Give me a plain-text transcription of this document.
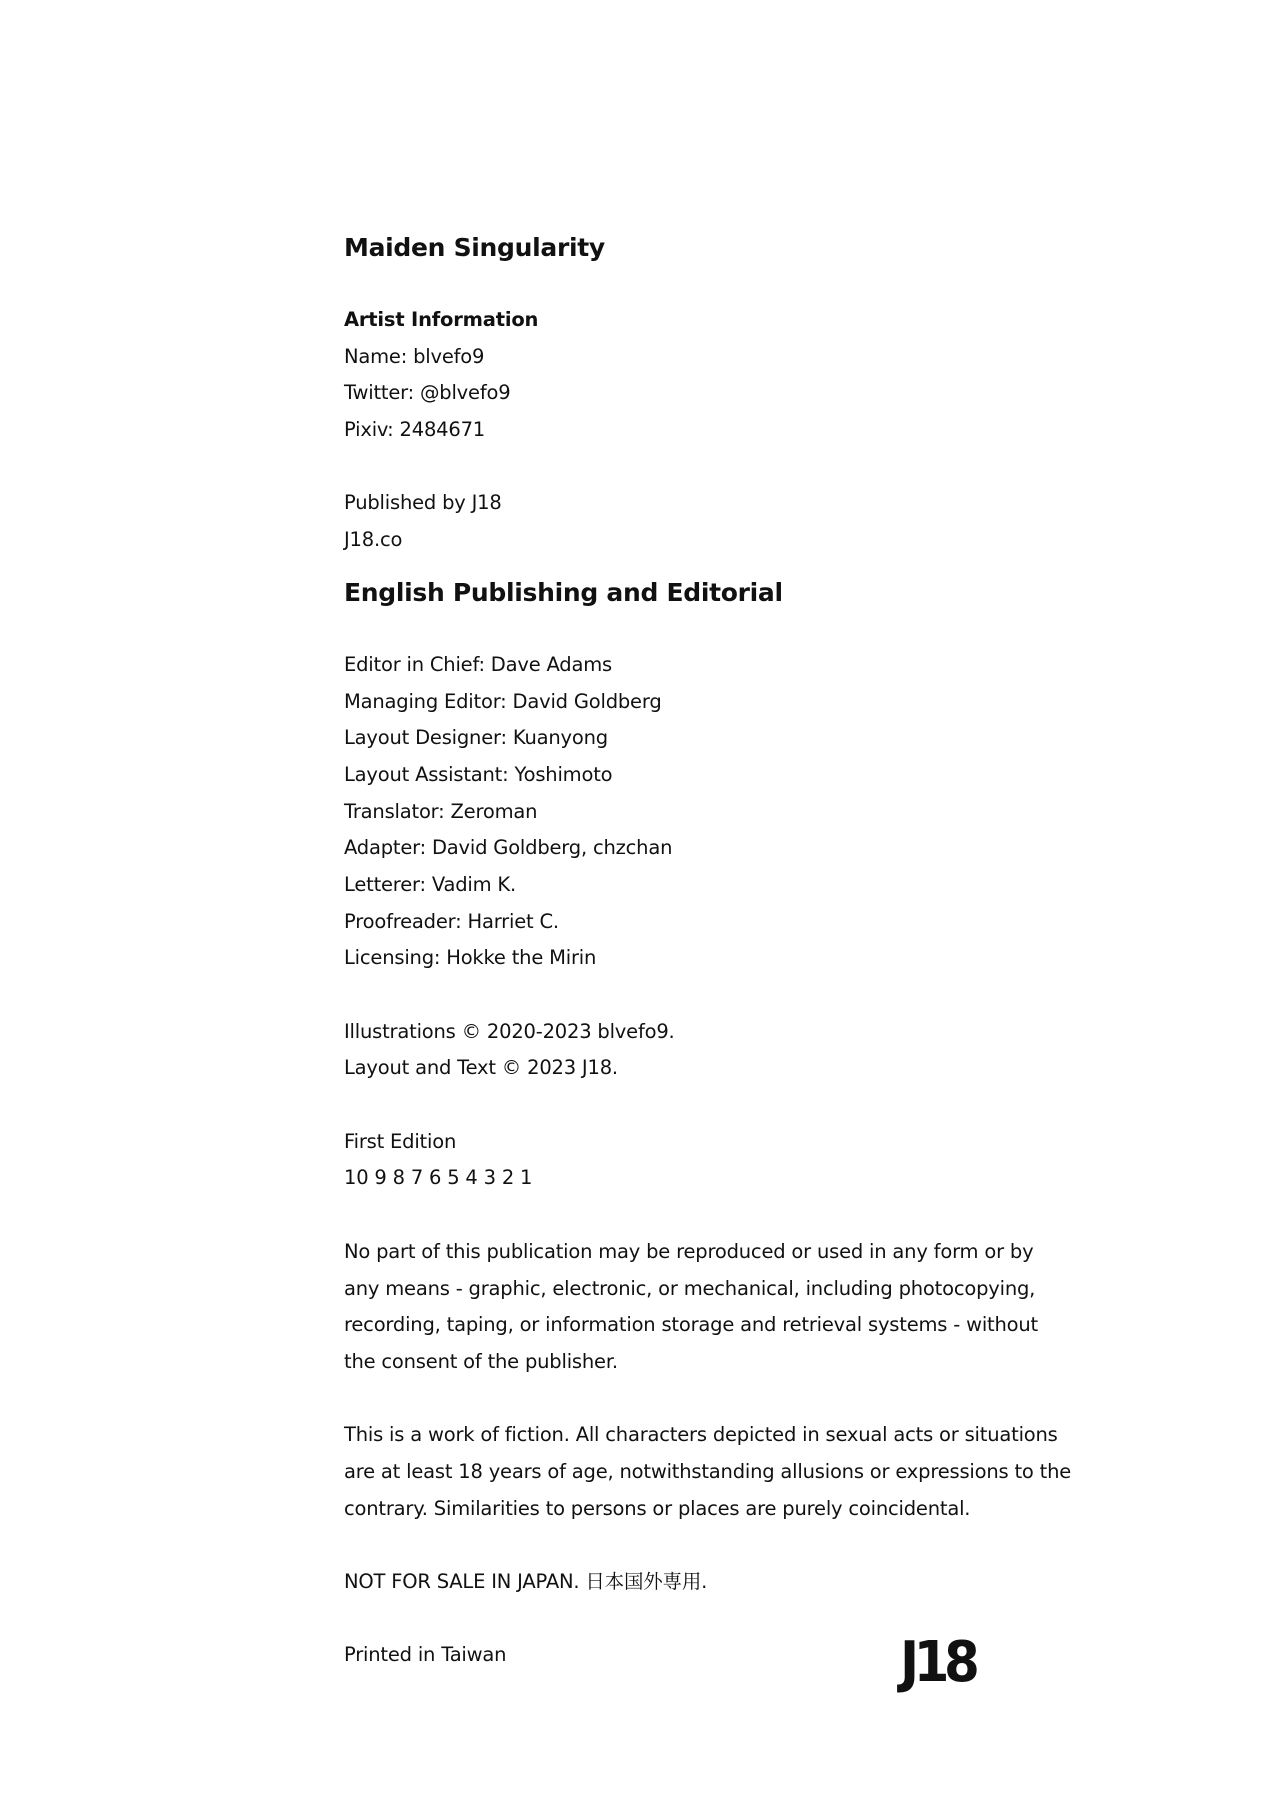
Maiden Singularity

Artist Information

Name: blvefo9

Twitter: @blvefo9

Pixiv: 2484671

Published by J18

J18.co

English Publishing and Editorial

Editor in Chief: Dave Adams

Managing Editor: David Goldberg

Layout Designer: Kuanyong

Layout Assistant: Yoshimoto

Translator: Zeroman

Adapter: David Goldberg, chzchan

Letterer: Vadim K.

Proofreader: Harriet C.

Licensing: Hokke the Mirin

Illustrations © 2020-2023 blvefo9.

Layout and Text © 2023 J18.

First Edition

10 9 8 7 6 5 4 3 2 1

No part of this publication may be reproduced or used in any form or by

any means - graphic, electronic, or mechanical, including photocopying,

recording, taping, or information storage and retrieval systems - without

the consent of the publisher.

This is a work of fiction. All characters depicted in sexual acts or situations

are at least 18 years of age, notwithstanding allusions or expressions to the

contrary. Similarities to persons or places are purely coincidental.

NOT FOR SALE IN JAPAN. 日本国外専用.

Printed in Taiwan	J18
